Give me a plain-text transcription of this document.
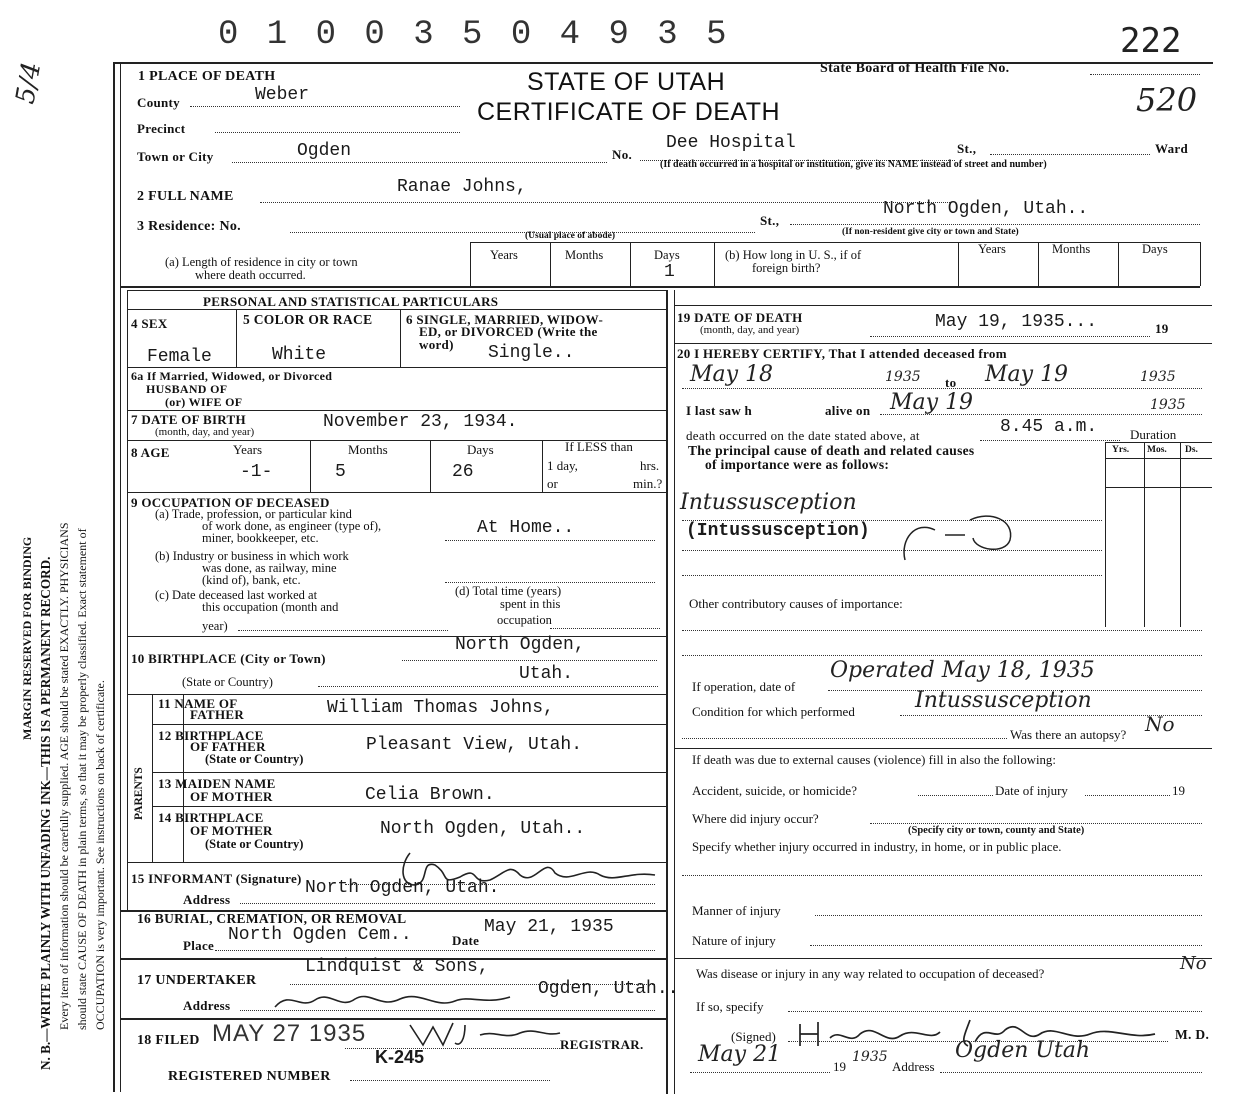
MARGIN RESERVED FOR BINDING N. B.—WRITE PLAINLY WITH UNFADING INK—THIS IS A PERMANENT RECORD. Every item of information should be carefully supplied. AGE should be stated EXACTLY. PHYSICIANS should state CAUSE OF DEATH in plain terms, so that it may be properly classified. Exact statement of OCCUPATION is very important. See instructions on back of certificate.
5/4
0 1 0 0 3 5 0 4 9 3 5	222
State Board of Health File No.
520
STATE OF UTAH
CERTIFICATE OF DEATH
1 PLACE OF DEATH
County	Weber
Precinct
Town or City	Ogden	No.
Dee Hospital	St.,	Ward
(If death occurred in a hospital or institution, give its NAME instead of street and number)
2 FULL NAME	Ranae Johns,
3 Residence: No.	St.,
North Ogden, Utah..
(Usual place of abode)	(If non-resident give city or town and State)
(a) Length of residence in city or town
where death occurred.
Years	Months	Days
1
(b) How long in U. S., if of
foreign birth?
Years	Months	Days
PERSONAL AND STATISTICAL PARTICULARS
4 SEX
Female
5 COLOR OR RACE
White
6 SINGLE, MARRIED, WIDOW-
ED, or DIVORCED (Write the
word) Single..
6a If Married, Widowed, or Divorced
HUSBAND OF
(or) WIFE OF
7 DATE OF BIRTH
(month, day, and year)	November 23, 1934.
8 AGE	Years	Months	Days
-1-	5	26
If LESS than
1 day,	hrs.
or	min.?
9 OCCUPATION OF DECEASED
(a) Trade, profession, or particular kind
of work done, as engineer (type of),
miner, bookkeeper, etc.	At Home..
(b) Industry or business in which work
was done, as railway, mine
(kind of), bank, etc.
(c) Date deceased last worked at
this occupation (month and
year)
(d) Total time (years)
spent in this
occupation
10 BIRTHPLACE (City or Town)
North Ogden,
(State or Country)	Utah.
PARENTS
11 NAME OF
FATHER	William Thomas Johns,
12 BIRTHPLACE
OF FATHER
(State or Country)
Pleasant View, Utah.
13 MAIDEN NAME
OF MOTHER	Celia Brown.
14 BIRTHPLACE
OF MOTHER
(State or Country)
North Ogden, Utah..
15 INFORMANT (Signature)
Address
North Ogden, Utah.
16 BURIAL, CREMATION, OR REMOVAL
Place
North Ogden Cem..	Date
May 21, 1935
17 UNDERTAKER
Lindquist & Sons,
Address
Ogden, Utah..
18 FILED MAY 27 1935	REGISTRAR.
K-245
REGISTERED NUMBER
19 DATE OF DEATH
(month, day, and year)	May 19, 1935...	19
20 I HEREBY CERTIFY, That I attended deceased from
May 18	1935 to May 19	1935
I last saw h	alive on May 19	1935
death occurred on the date stated above, at	8.45 a.m.	Duration
The principal cause of death and related causes
of importance were as follows:
Yrs. Mos. Ds.
Intussusception
(Intussusception)
Other contributory causes of importance:
If operation, date of
Operated May 18, 1935
Condition for which performed	Intussusception
Was there an autopsy? No
If death was due to external causes (violence) fill in also the following:
Accident, suicide, or homicide?	Date of injury	19
Where did injury occur?
(Specify city or town, county and State)
Specify whether injury occurred in industry, in home, or in public place.
Manner of injury
Nature of injury
Was disease or injury in any way related to occupation of deceased?	No
If so, specify
(Signed)	M. D.
May 21	19
1935
Address
Ogden Utah
